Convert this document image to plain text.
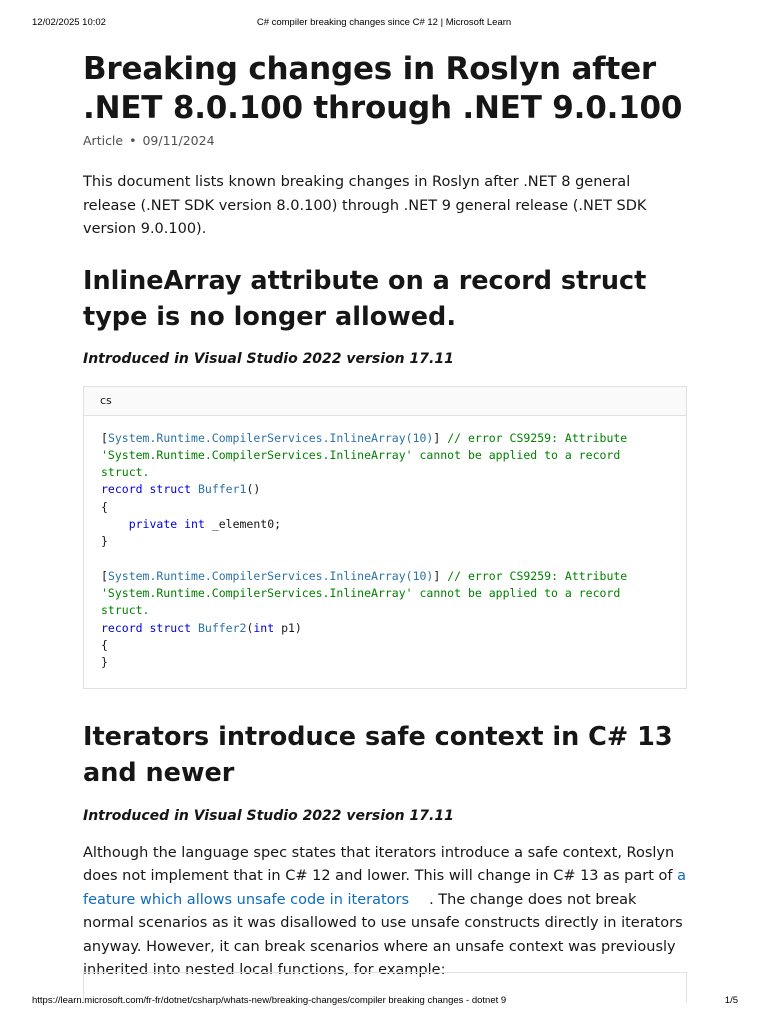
12/02/2025 10:02	C# compiler breaking changes since C# 12 | Microsoft Learn
Breaking changes in Roslyn after .NET 8.0.100 through .NET 9.0.100
Article • 09/11/2024

This document lists known breaking changes in Roslyn after .NET 8 general release (.NET SDK version 8.0.100) through .NET 9 general release (.NET SDK version 9.0.100).

InlineArray attribute on a record struct type is no longer allowed.
Introduced in Visual Studio 2022 version 17.11
cs
[System.Runtime.CompilerServices.InlineArray(10)] // error CS9259: Attribute
'System.Runtime.CompilerServices.InlineArray' cannot be applied to a record
struct.
record struct Buffer1()
{
private int _element0;
}

[System.Runtime.CompilerServices.InlineArray(10)] // error CS9259: Attribute
'System.Runtime.CompilerServices.InlineArray' cannot be applied to a record
struct.
record struct Buffer2(int p1)
{
}
Iterators introduce safe context in C# 13 and newer
Introduced in Visual Studio 2022 version 17.11

Although the language spec states that iterators introduce a safe context, Roslyn does not implement that in C# 12 and lower. This will change in C# 13 as part of a feature which allows unsafe code in iterators . The change does not break normal scenarios as it was disallowed to use unsafe constructs directly in iterators anyway. However, it can break scenarios where an unsafe context was previously inherited into nested local functions, for example:

https://learn.microsoft.com/fr-fr/dotnet/csharp/whats-new/breaking-changes/compiler breaking changes - dotnet 9	1/5
